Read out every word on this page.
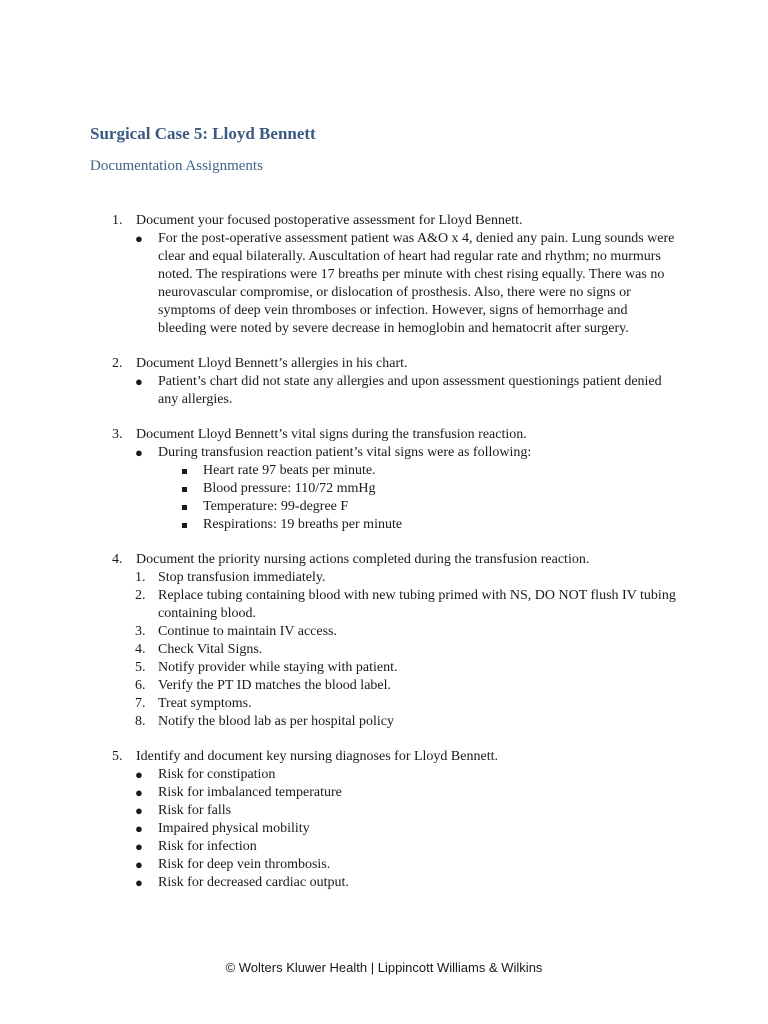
Surgical Case 5: Lloyd Bennett
Documentation Assignments
1. Document your focused postoperative assessment for Lloyd Bennett.
● For the post-operative assessment patient was A&O x 4, denied any pain. Lung sounds were clear and equal bilaterally. Auscultation of heart had regular rate and rhythm; no murmurs noted. The respirations were 17 breaths per minute with chest rising equally. There was no neurovascular compromise, or dislocation of prosthesis. Also, there were no signs or symptoms of deep vein thromboses or infection. However, signs of hemorrhage and bleeding were noted by severe decrease in hemoglobin and hematocrit after surgery.
2. Document Lloyd Bennett’s allergies in his chart.
● Patient’s chart did not state any allergies and upon assessment questionings patient denied any allergies.
3. Document Lloyd Bennett’s vital signs during the transfusion reaction.
● During transfusion reaction patient’s vital signs were as following:
Heart rate 97 beats per minute.
Blood pressure: 110/72 mmHg
Temperature: 99-degree F
Respirations: 19 breaths per minute
4. Document the priority nursing actions completed during the transfusion reaction.
1. Stop transfusion immediately.
2. Replace tubing containing blood with new tubing primed with NS, DO NOT flush IV tubing containing blood.
3. Continue to maintain IV access.
4. Check Vital Signs.
5. Notify provider while staying with patient.
6. Verify the PT ID matches the blood label.
7. Treat symptoms.
8. Notify the blood lab as per hospital policy
5. Identify and document key nursing diagnoses for Lloyd Bennett.
● Risk for constipation
● Risk for imbalanced temperature
● Risk for falls
● Impaired physical mobility
● Risk for infection
● Risk for deep vein thrombosis.
● Risk for decreased cardiac output.
© Wolters Kluwer Health | Lippincott Williams & Wilkins
